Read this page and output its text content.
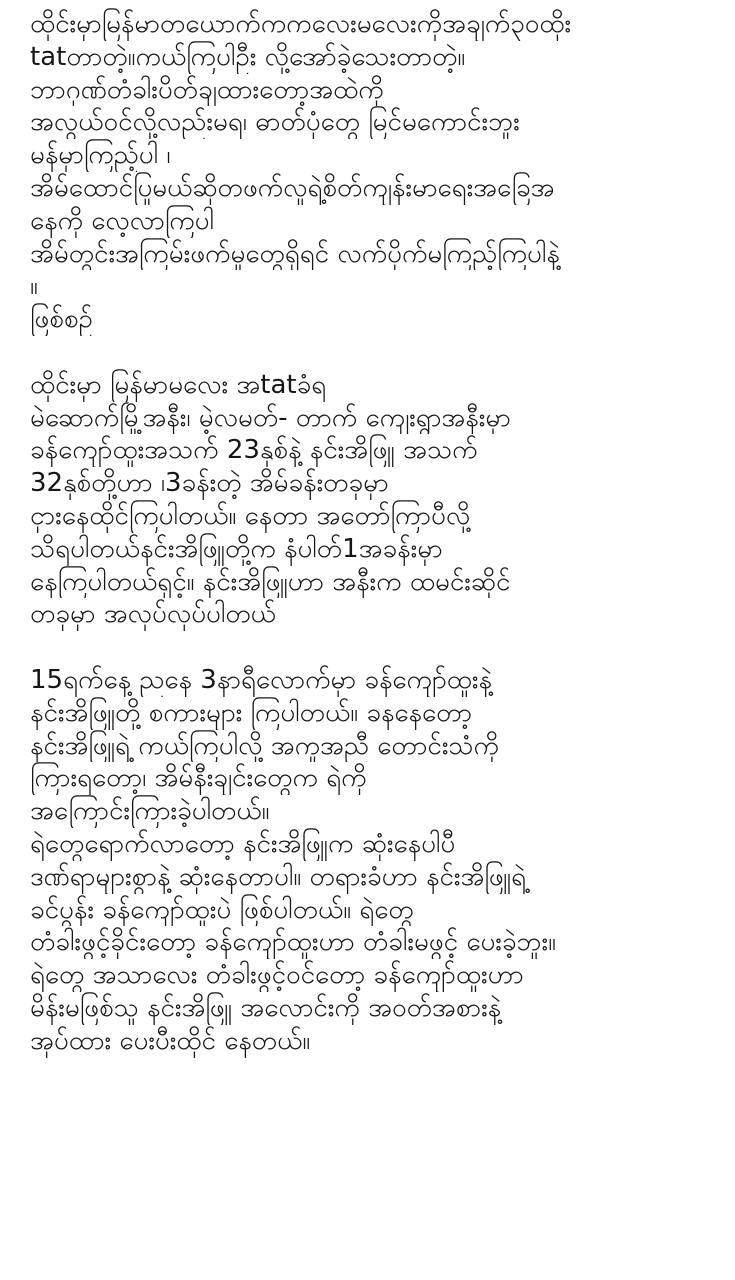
ထိုင်းမှာမြန်မာတယောက်ကကလေးမလေးကိုအချက်၃၀ထိုး
tatတာတဲ့။ကယ်ကြပါဦး လို့အော်ခဲ့သေးတာတဲ့။
ဘာဂုဏ်တံခါးပိတ်ချထားတော့အထဲကို
အလွယ်ဝင်လို့လည်းမရ၊ ဓာတ်ပုံတွေ မြင်မကောင်းဘူး
မန်မှာကြည့်ပါ ၊
အိမ်ထောင်ပြုမယ်ဆိုတဖက်လူရဲ့စိတ်ကျန်းမာရေးအခြေအ
နေကို လေ့လာကြပါ
အိမ်တွင်းအကြမ်းဖက်မှုတွေရှိရင် လက်ပိုက်မကြည့်ကြပါနဲ့
။
ဖြစ်စဉ်
ထိုင်းမှာ မြန်မာမလေး အtatခံရ
မဲဆောက်မြို့အနီး၊ မဲ့လမတ်- တာက် ကျေးရွာအနီးမှာ
ခန်ကျော်ထူးအသက် 23နှစ်နဲ့ နင်းအိဖြူ အသက်
32နှစ်တို့ဟာ ၊3ခန်းတဲ့ အိမ်ခန်းတခုမှာ
ငှားနေထိုင်ကြပါတယ်။ နေတာ အတော်ကြာပီလို့
သိရပါတယ်နင်းအိဖြူတို့က နံပါတ်1အခန်းမှာ
နေကြပါတယ်ရှင့်။ နင်းအိဖြူဟာ အနီးက ထမင်းဆိုင်
တခုမှာ အလုပ်လုပ်ပါတယ်
15ရက်နေ့ ညနေ 3နာရီလောက်မှာ ခန်ကျော်ထူးနဲ့
နင်းအိဖြူတို့ စကားများ ကြပါတယ်။ ခနနေတော့
နင်းအိဖြူရဲ့ ကယ်ကြပါလို့ အကူအညီ တောင်းသံကို
ကြားရတော့၊ အိမ်နီးချင်းတွေက ရဲကို
အကြောင်းကြားခဲ့ပါတယ်။
ရဲတွေရောက်လာတော့ နင်းအိဖြူက ဆုံးနေပါပီ
ဒဏ်ရာများစွာနဲ့ ဆုံးနေတာပါ။ တရားခံဟာ နင်းအိဖြူရဲ့
ခင်ပွန်း ခန်ကျော်ထူးပဲ ဖြစ်ပါတယ်။ ရဲတွေ
တံခါးဖွင့်ခိုင်းတော့ ခန်ကျော်ထူးဟာ တံခါးမဖွင့် ပေးခဲ့ဘူး။
ရဲတွေ အသာလေး တံခါးဖွင့်ဝင်တော့ ခန်ကျော်ထူးဟာ
မိန်းမဖြစ်သူ နင်းအိဖြူ အလောင်းကို အဝတ်အစားနဲ့
အုပ်ထား ပေးပီးထိုင် နေတယ်။
